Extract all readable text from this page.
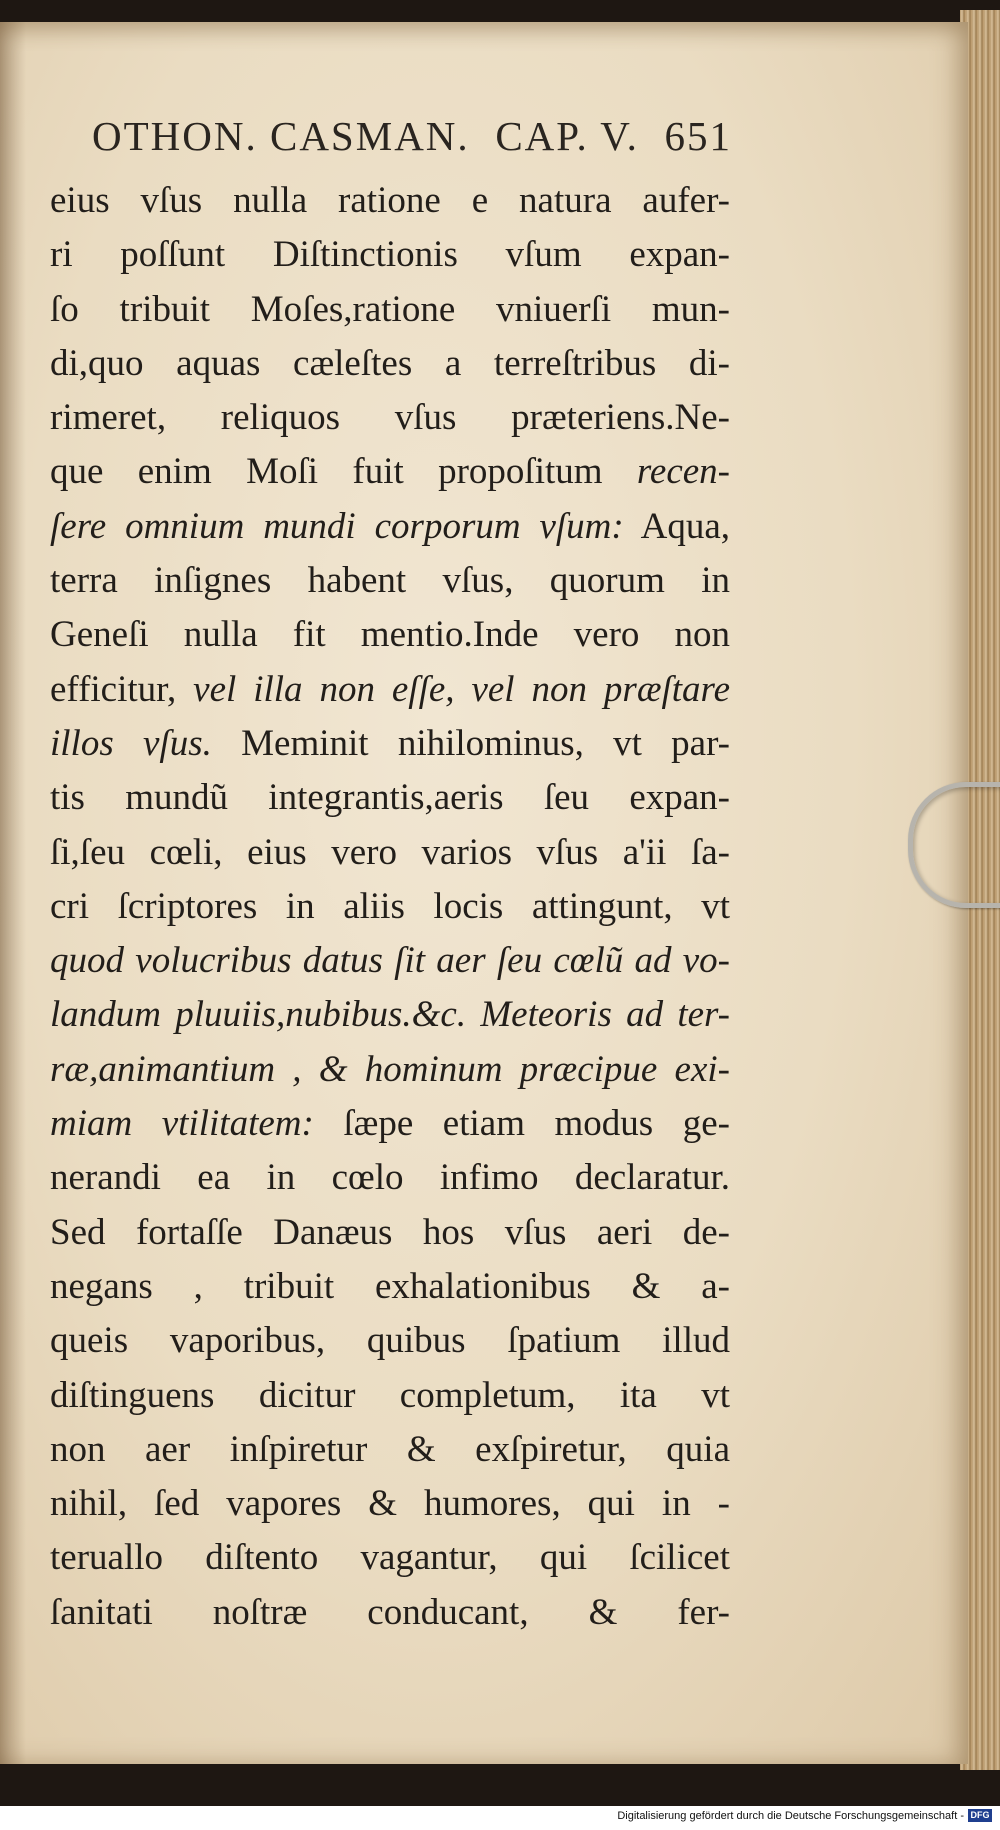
OTHON. CASMAN. CAP. V. 651
eius vſus nulla ratione e natura aufer-
ri poſſunt Diſtinctionis vſum expan-
ſo tribuit Moſes,ratione vniuerſi mun-
di,quo aquas cæleſtes a terreſtribus di-
rimeret, reliquos vſus præteriens.Ne-
que enim Moſi fuit propoſitum recen-
ſere omnium mundi corporum vſum: Aqua,
terra inſignes habent vſus, quorum in
Geneſi nulla fit mentio.Inde vero non
efficitur, vel illa non eſſe, vel non præſtare
illos vſus. Meminit nihilominus, vt par-
tis mundũ integrantis,aeris ſeu expan-
ſi,ſeu cœli, eius vero varios vſus a'ii ſa-
cri ſcriptores in aliis locis attingunt, vt
quod volucribus datus ſit aer ſeu cœlũ ad vo-
landum pluuiis,nubibus.&c. Meteoris ad ter-
ræ,animantium , & hominum præcipue exi-
miam vtilitatem: ſæpe etiam modus ge-
nerandi ea in cœlo infimo declaratur.
Sed fortaſſe Danæus hos vſus aeri de-
negans , tribuit exhalationibus & a-
queis vaporibus, quibus ſpatium illud
diſtinguens dicitur completum, ita vt
non aer inſpiretur & exſpiretur, quia
nihil, ſed vapores & humores, qui in -
teruallo diſtento vagantur, qui ſcilicet
ſanitati noſtræ conducant, & fer-
Digitalisierung gefördert durch die Deutsche Forschungsgemeinschaft - DFG
